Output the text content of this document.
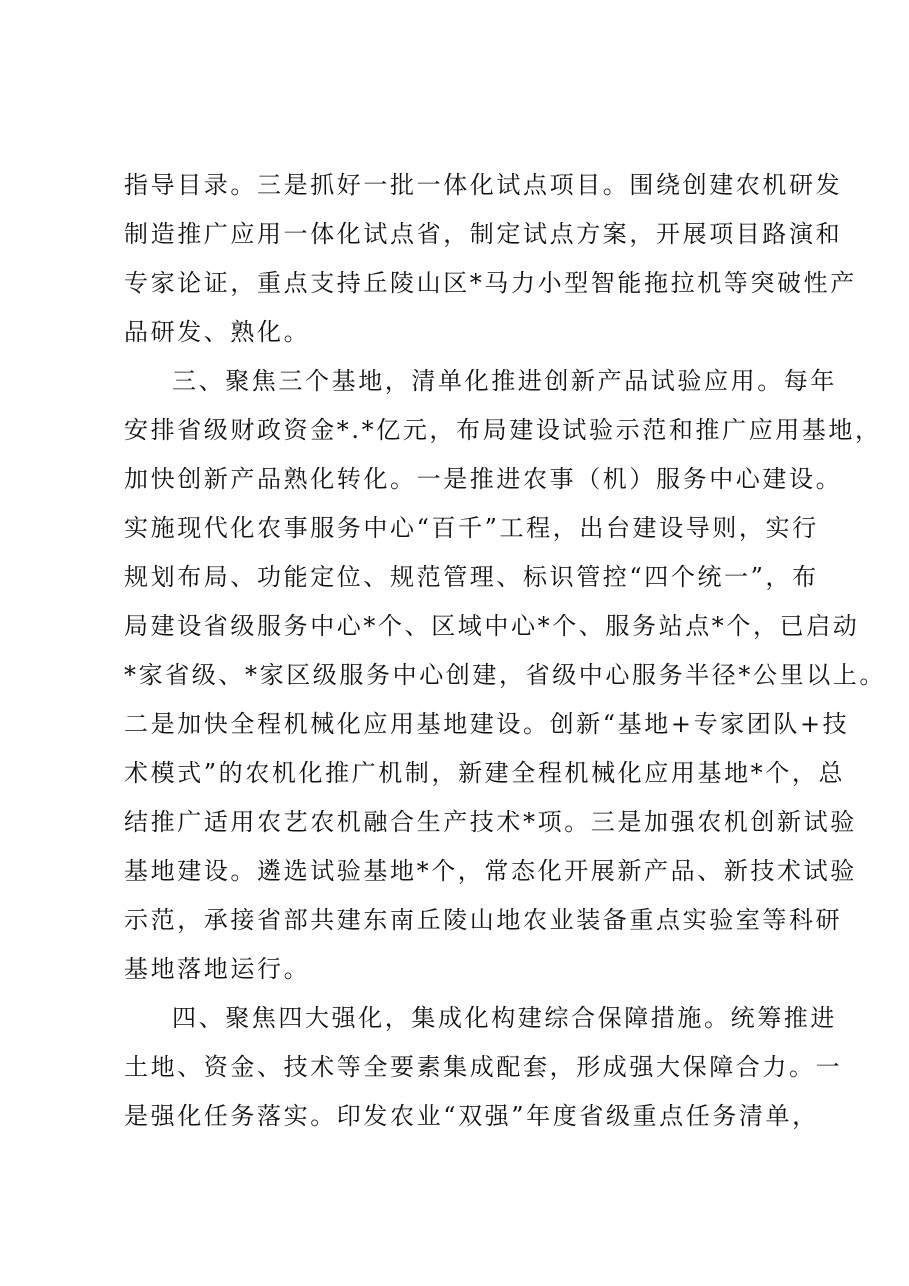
指导目录。三是抓好一批一体化试点项目。围绕创建农机研发
制造推广应用一体化试点省，制定试点方案，开展项目路演和
专家论证，重点支持丘陵山区*马力小型智能拖拉机等突破性产
品研发、熟化。
三、聚焦三个基地，清单化推进创新产品试验应用。每年
安排省级财政资金*.*亿元，布局建设试验示范和推广应用基地，
加快创新产品熟化转化。一是推进农事（机）服务中心建设。
实施现代化农事服务中心“百千”工程，出台建设导则，实行
规划布局、功能定位、规范管理、标识管控“四个统一”，布
局建设省级服务中心*个、区域中心*个、服务站点*个，已启动
*家省级、*家区级服务中心创建，省级中心服务半径*公里以上。
二是加快全程机械化应用基地建设。创新“基地+专家团队+技
术模式”的农机化推广机制，新建全程机械化应用基地*个，总
结推广适用农艺农机融合生产技术*项。三是加强农机创新试验
基地建设。遴选试验基地*个，常态化开展新产品、新技术试验
示范，承接省部共建东南丘陵山地农业装备重点实验室等科研
基地落地运行。
四、聚焦四大强化，集成化构建综合保障措施。统筹推进
土地、资金、技术等全要素集成配套，形成强大保障合力。一
是强化任务落实。印发农业“双强”年度省级重点任务清单，
